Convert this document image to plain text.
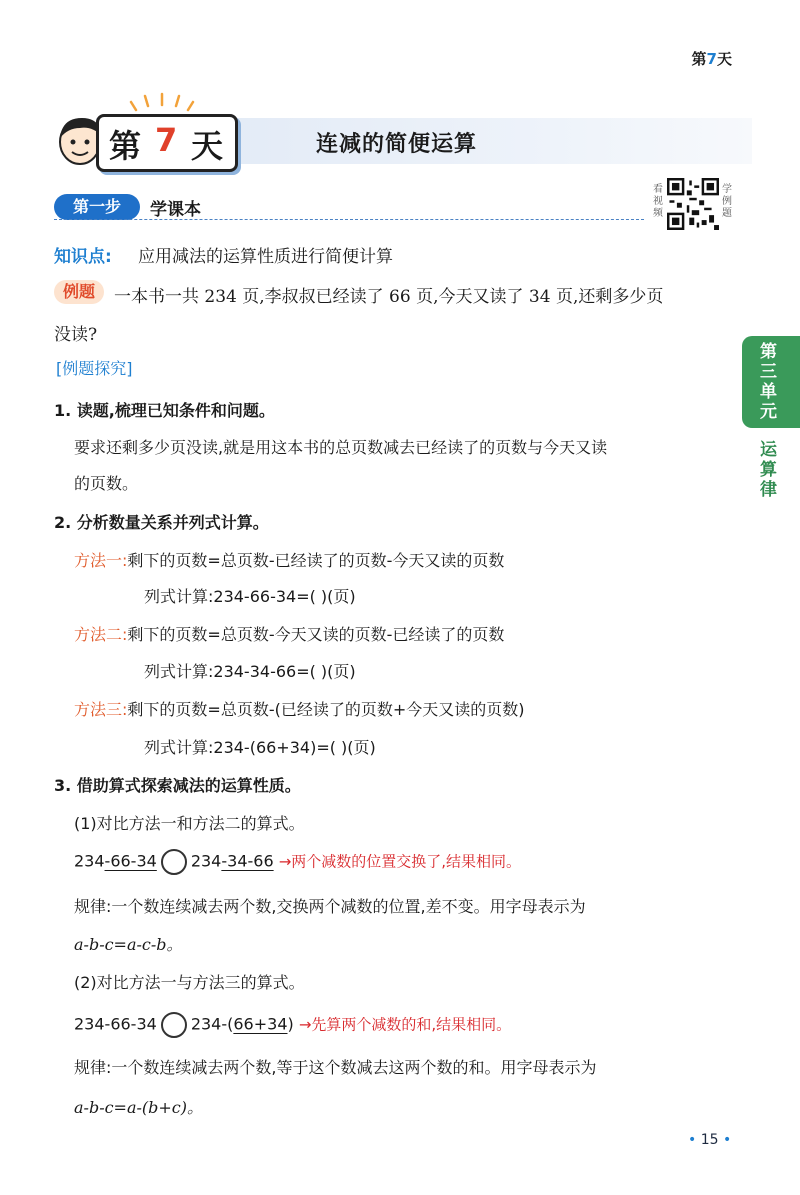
第7天
第 7 天	连减的简便运算
第一步	学课本
看视频
学例题
知识点: 应用减法的运算性质进行简便计算
例题	一本书一共 234 页,李叔叔已经读了 66 页,今天又读了 34 页,还剩多少页
没读?
[例题探究]
1. 读题,梳理已知条件和问题。
要求还剩多少页没读,就是用这本书的总页数减去已经读了的页数与今天又读
的页数。
2. 分析数量关系并列式计算。
方法一:剩下的页数=总页数-已经读了的页数-今天又读的页数
列式计算:234-66-34=( )(页)
方法二:剩下的页数=总页数-今天又读的页数-已经读了的页数
列式计算:234-34-66=( )(页)
方法三:剩下的页数=总页数-(已经读了的页数+今天又读的页数)
列式计算:234-(66+34)=( )(页)
3. 借助算式探索减法的运算性质。
(1)对比方法一和方法二的算式。
234-66-34 234-34-66 →两个减数的位置交换了,结果相同。
规律:一个数连续减去两个数,交换两个减数的位置,差不变。用字母表示为
a-b-c=a-c-b。
(2)对比方法一与方法三的算式。
234-66-34 234-(66+34) →先算两个减数的和,结果相同。
规律:一个数连续减去两个数,等于这个数减去这两个数的和。用字母表示为
a-b-c=a-(b+c)。
第三单元
运算律
• 15 •
